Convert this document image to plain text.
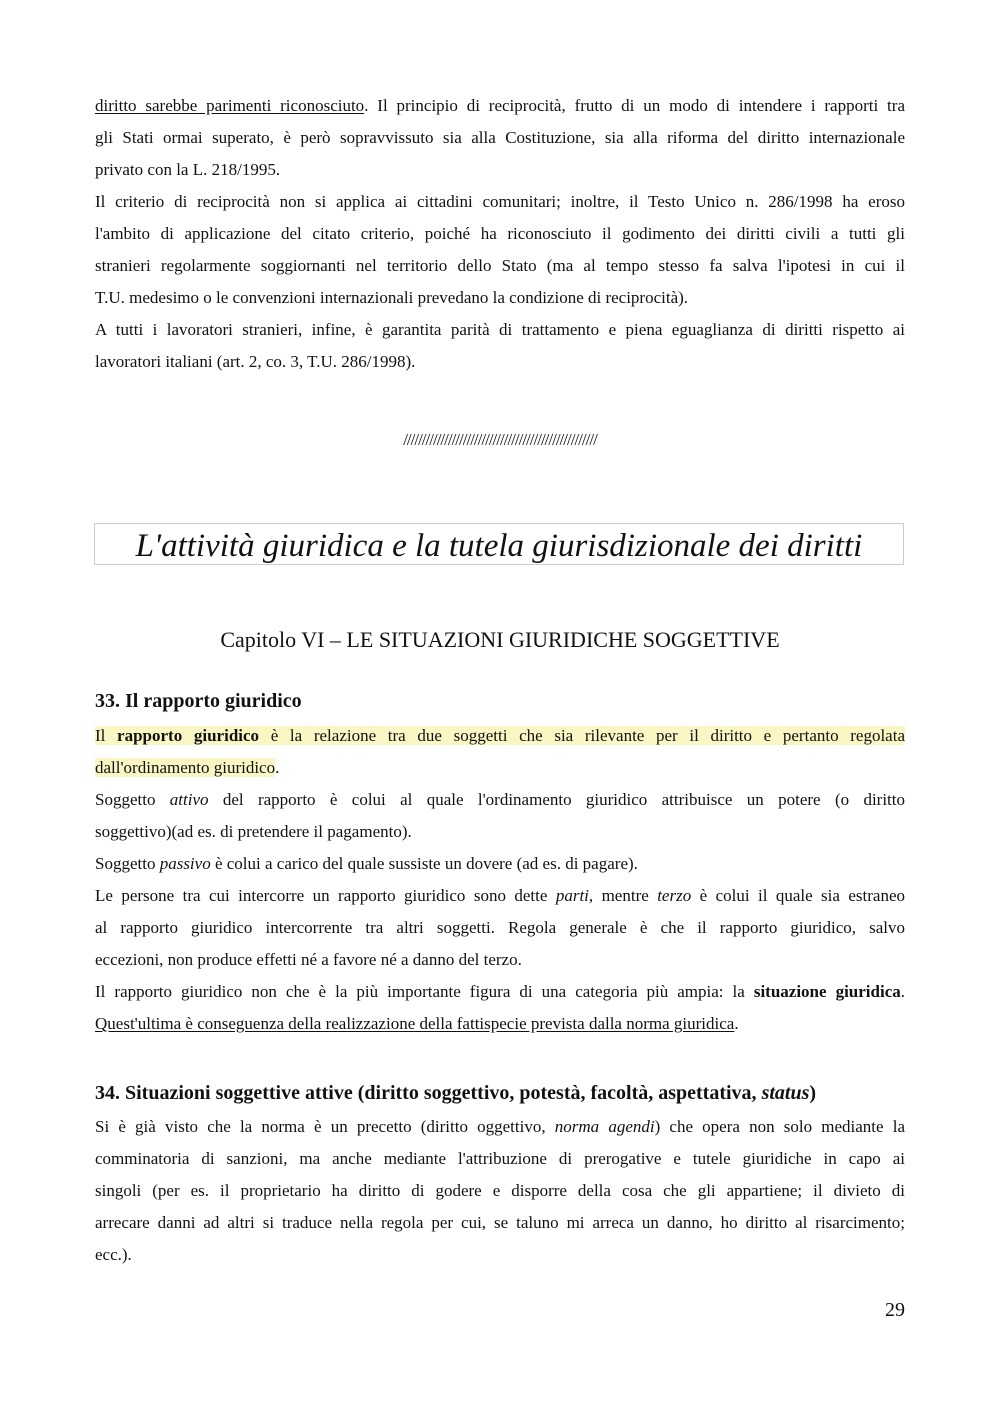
diritto sarebbe parimenti riconosciuto. Il principio di reciprocità, frutto di un modo di intendere i rapporti tra
gli Stati ormai superato, è però sopravvissuto sia alla Costituzione, sia alla riforma del diritto internazionale
privato con la L. 218/1995.
Il criterio di reciprocità non si applica ai cittadini comunitari; inoltre, il Testo Unico n. 286/1998 ha eroso
l'ambito di applicazione del citato criterio, poiché ha riconosciuto il godimento dei diritti civili a tutti gli
stranieri regolarmente soggiornanti nel territorio dello Stato (ma al tempo stesso fa salva l'ipotesi in cui il
T.U. medesimo o le convenzioni internazionali prevedano la condizione di reciprocità).
A tutti i lavoratori stranieri, infine, è garantita parità di trattamento e piena eguaglianza di diritti rispetto ai
lavoratori italiani (art. 2, co. 3, T.U. 286/1998).
////////////////////////////////////////////////////
L'attività giuridica e la tutela giurisdizionale dei diritti
Capitolo VI – LE SITUAZIONI GIURIDICHE SOGGETTIVE
33. Il rapporto giuridico
Il rapporto giuridico è la relazione tra due soggetti che sia rilevante per il diritto e pertanto regolata
dall'ordinamento giuridico.
Soggetto attivo del rapporto è colui al quale l'ordinamento giuridico attribuisce un potere (o diritto
soggettivo)(ad es. di pretendere il pagamento).
Soggetto passivo è colui a carico del quale sussiste un dovere (ad es. di pagare).
Le persone tra cui intercorre un rapporto giuridico sono dette parti, mentre terzo è colui il quale sia estraneo
al rapporto giuridico intercorrente tra altri soggetti. Regola generale è che il rapporto giuridico, salvo
eccezioni, non produce effetti né a favore né a danno del terzo.
Il rapporto giuridico non che è la più importante figura di una categoria più ampia: la situazione giuridica.
Quest'ultima è conseguenza della realizzazione della fattispecie prevista dalla norma giuridica.
34. Situazioni soggettive attive (diritto soggettivo, potestà, facoltà, aspettativa, status)
Si è già visto che la norma è un precetto (diritto oggettivo, norma agendi) che opera non solo mediante la
comminatoria di sanzioni, ma anche mediante l'attribuzione di prerogative e tutele giuridiche in capo ai
singoli (per es. il proprietario ha diritto di godere e disporre della cosa che gli appartiene; il divieto di
arrecare danni ad altri si traduce nella regola per cui, se taluno mi arreca un danno, ho diritto al risarcimento;
ecc.).
29
